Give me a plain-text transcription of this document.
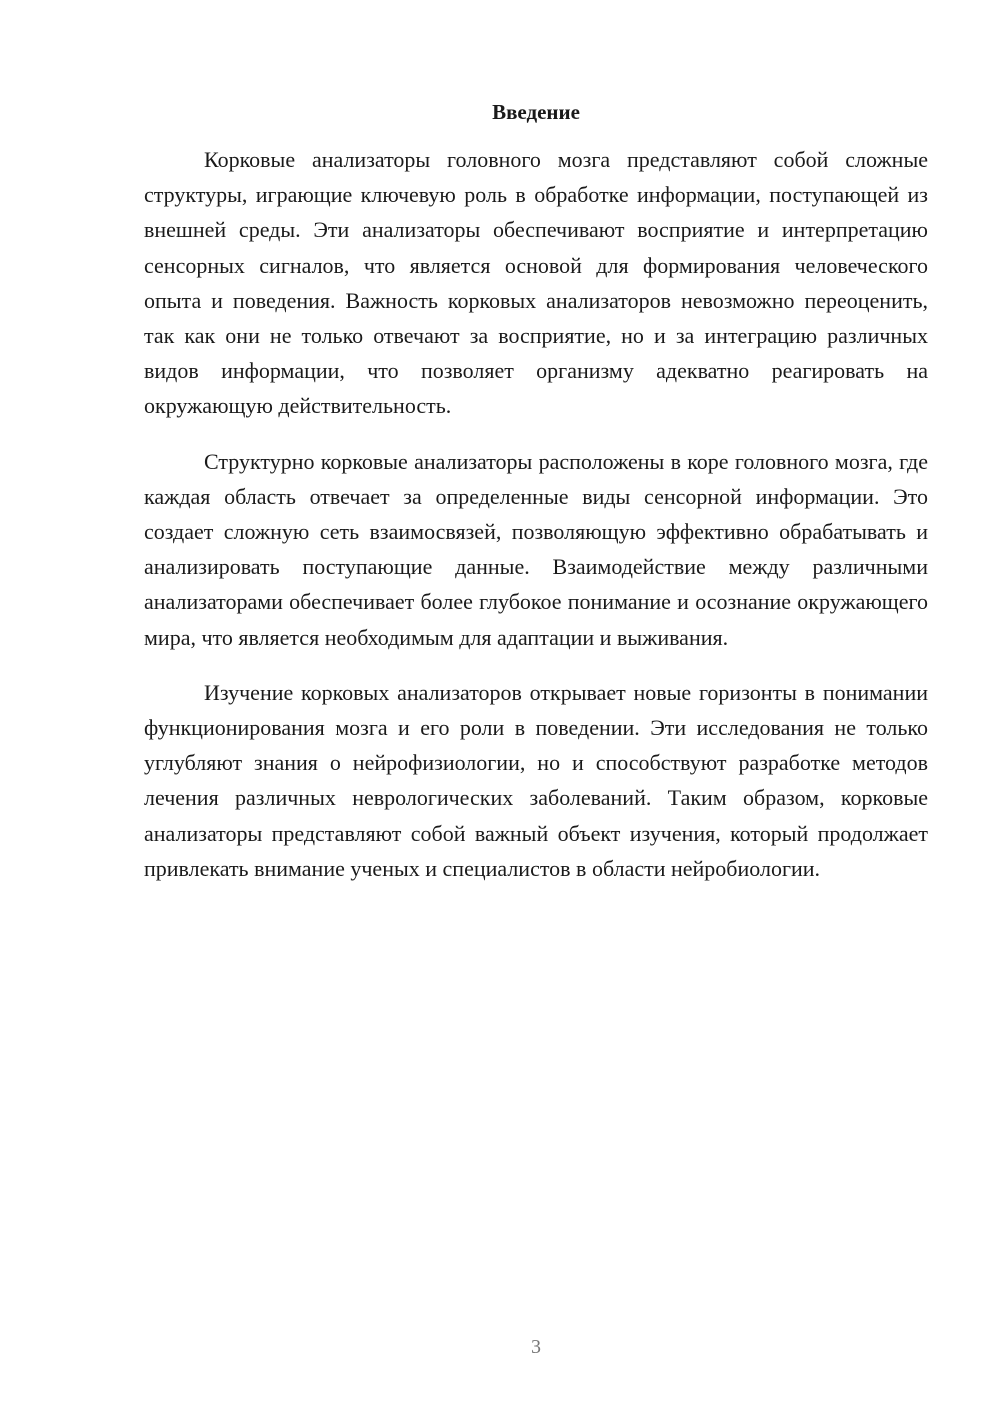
Введение

Корковые анализаторы головного мозга представляют собой сложные структуры, играющие ключевую роль в обработке информации, поступающей из внешней среды. Эти анализаторы обеспечивают восприятие и интерпретацию сенсорных сигналов, что является основой для формирования человеческого опыта и поведения. Важность корковых анализаторов невозможно переоценить, так как они не только отвечают за восприятие, но и за интеграцию различных видов информации, что позволяет организму адекватно реагировать на окружающую действительность.

Структурно корковые анализаторы расположены в коре головного мозга, где каждая область отвечает за определенные виды сенсорной информации. Это создает сложную сеть взаимосвязей, позволяющую эффективно обрабатывать и анализировать поступающие данные. Взаимодействие между различными анализаторами обеспечивает более глубокое понимание и осознание окружающего мира, что является необходимым для адаптации и выживания.

Изучение корковых анализаторов открывает новые горизонты в понимании функционирования мозга и его роли в поведении. Эти исследования не только углубляют знания о нейрофизиологии, но и способствуют разработке методов лечения различных неврологических заболеваний. Таким образом, корковые анализаторы представляют собой важный объект изучения, который продолжает привлекать внимание ученых и специалистов в области нейробиологии.

3
